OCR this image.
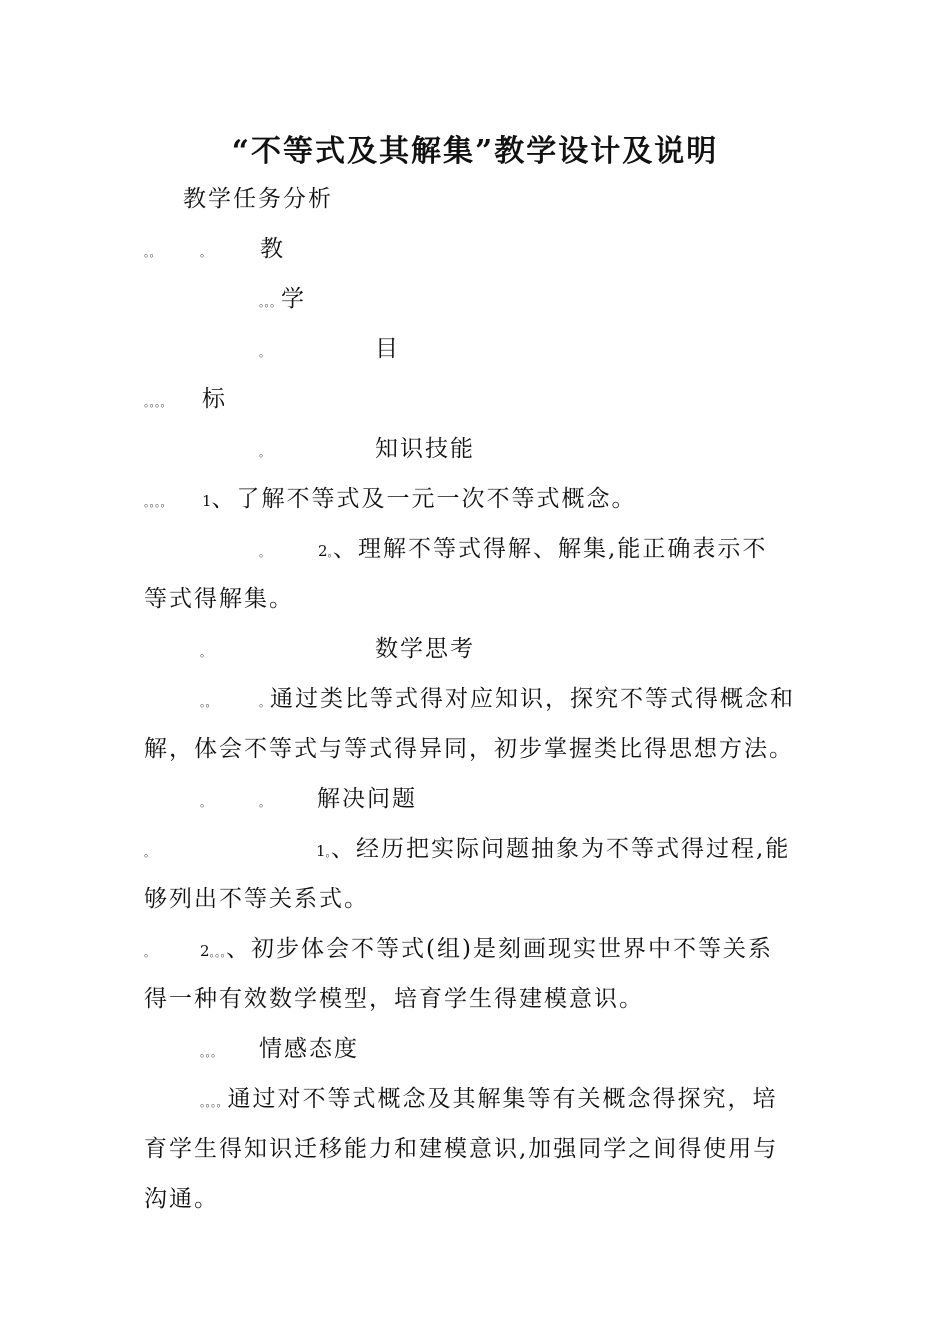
“不等式及其解集”教学设计及说明
教学任务分析
。。	。 教
。。。学
。	目
。。。。 标
。	知识技能
。。。。 1、了解不等式及一元一次不等式概念。
。	2。、理解不等式得解、解集,能正确表示不
等式得解集。
。	数学思考
。。	。通过类比等式得对应知识，探究不等式得概念和
解，体会不等式与等式得异同，初步掌握类比得思想方法。
。	。 解决问题
。	1。、经历把实际问题抽象为不等式得过程,能
够列出不等关系式。
。	2。。。、初步体会不等式(组)是刻画现实世界中不等关系
得一种有效数学模型，培育学生得建模意识。
。。。 情感态度
。。。。通过对不等式概念及其解集等有关概念得探究，培
育学生得知识迁移能力和建模意识,加强同学之间得使用与
沟通。
